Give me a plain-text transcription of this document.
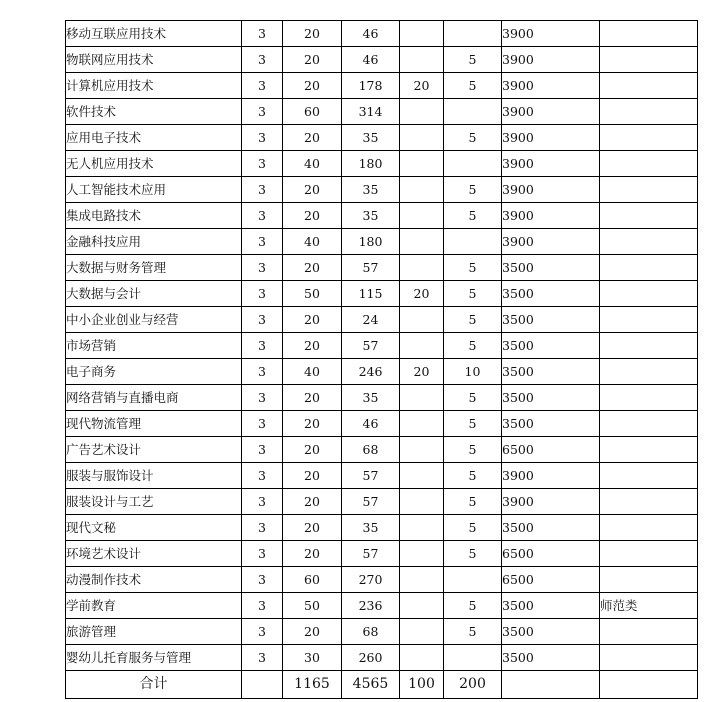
移动互联应用技术	3	20	46			3900	
物联网应用技术	3	20	46		5	3900	
计算机应用技术	3	20	178	20	5	3900	
软件技术	3	60	314			3900	
应用电子技术	3	20	35		5	3900	
无人机应用技术	3	40	180			3900	
人工智能技术应用	3	20	35		5	3900	
集成电路技术	3	20	35		5	3900	
金融科技应用	3	40	180			3900	
大数据与财务管理	3	20	57		5	3500	
大数据与会计	3	50	115	20	5	3500	
中小企业创业与经营	3	20	24		5	3500	
市场营销	3	20	57		5	3500	
电子商务	3	40	246	20	10	3500	
网络营销与直播电商	3	20	35		5	3500	
现代物流管理	3	20	46		5	3500	
广告艺术设计	3	20	68		5	6500	
服装与服饰设计	3	20	57		5	3900	
服装设计与工艺	3	20	57		5	3900	
现代文秘	3	20	35		5	3500	
环境艺术设计	3	20	57		5	6500	
动漫制作技术	3	60	270			6500	
学前教育	3	50	236		5	3500	师范类
旅游管理	3	20	68		5	3500	
婴幼儿托育服务与管理	3	30	260			3500	
合计		1165	4565	100	200		
